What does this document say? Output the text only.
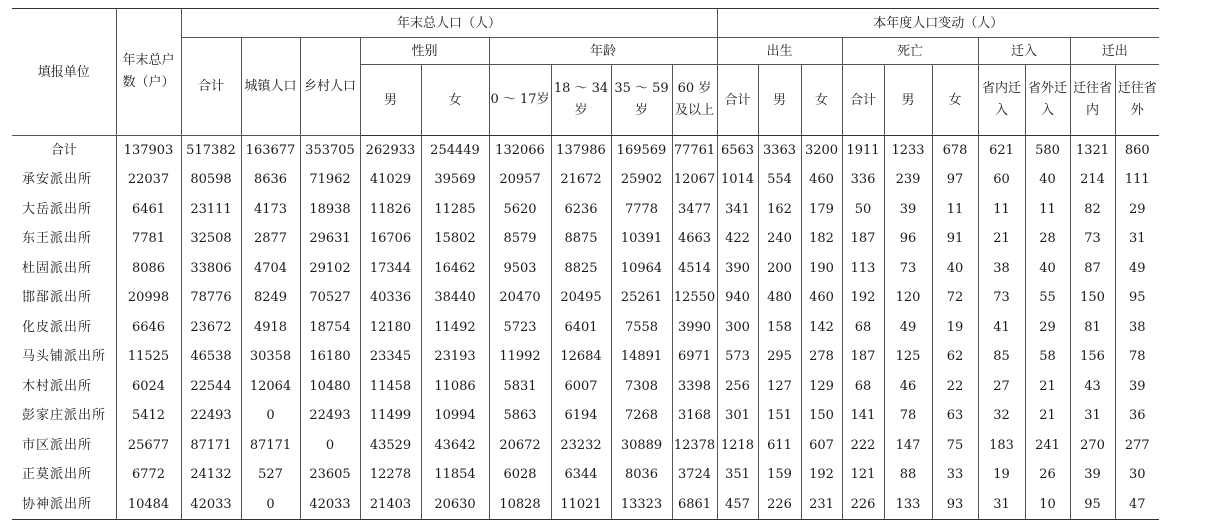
填报单位	年末总户数（户）	年末总人口（人）									本年度人口变动（人）									
		合计	城镇人口	乡村人口	性别		年龄				出生			死亡			迁入		迁出	
					男	女	0 ～ 17岁	18 ～ 34岁	35 ～ 59岁	60 岁及以上	合计	男	女	合计	男	女	省内迁入	省外迁入	迁往省内	迁往省外
合计	137903	517382	163677	353705	262933	254449	132066	137986	169569	77761	6563	3363	3200	1911	1233	678	621	580	1321	860
承安派出所	22037	80598	8636	71962	41029	39569	20957	21672	25902	12067	1014	554	460	336	239	97	60	40	214	111
大岳派出所	6461	23111	4173	18938	11826	11285	5620	6236	7778	3477	341	162	179	50	39	11	11	11	82	29
东王派出所	7781	32508	2877	29631	16706	15802	8579	8875	10391	4663	422	240	182	187	96	91	21	28	73	31
杜固派出所	8086	33806	4704	29102	17344	16462	9503	8825	10964	4514	390	200	190	113	73	40	38	40	87	49
邯郚派出所	20998	78776	8249	70527	40336	38440	20470	20495	25261	12550	940	480	460	192	120	72	73	55	150	95
化皮派出所	6646	23672	4918	18754	12180	11492	5723	6401	7558	3990	300	158	142	68	49	19	41	29	81	38
马头铺派出所	11525	46538	30358	16180	23345	23193	11992	12684	14891	6971	573	295	278	187	125	62	85	58	156	78
木村派出所	6024	22544	12064	10480	11458	11086	5831	6007	7308	3398	256	127	129	68	46	22	27	21	43	39
彭家庄派出所	5412	22493	0	22493	11499	10994	5863	6194	7268	3168	301	151	150	141	78	63	32	21	31	36
市区派出所	25677	87171	87171	0	43529	43642	20672	23232	30889	12378	1218	611	607	222	147	75	183	241	270	277
正莫派出所	6772	24132	527	23605	12278	11854	6028	6344	8036	3724	351	159	192	121	88	33	19	26	39	30
协神派出所	10484	42033	0	42033	21403	20630	10828	11021	13323	6861	457	226	231	226	133	93	31	10	95	47
